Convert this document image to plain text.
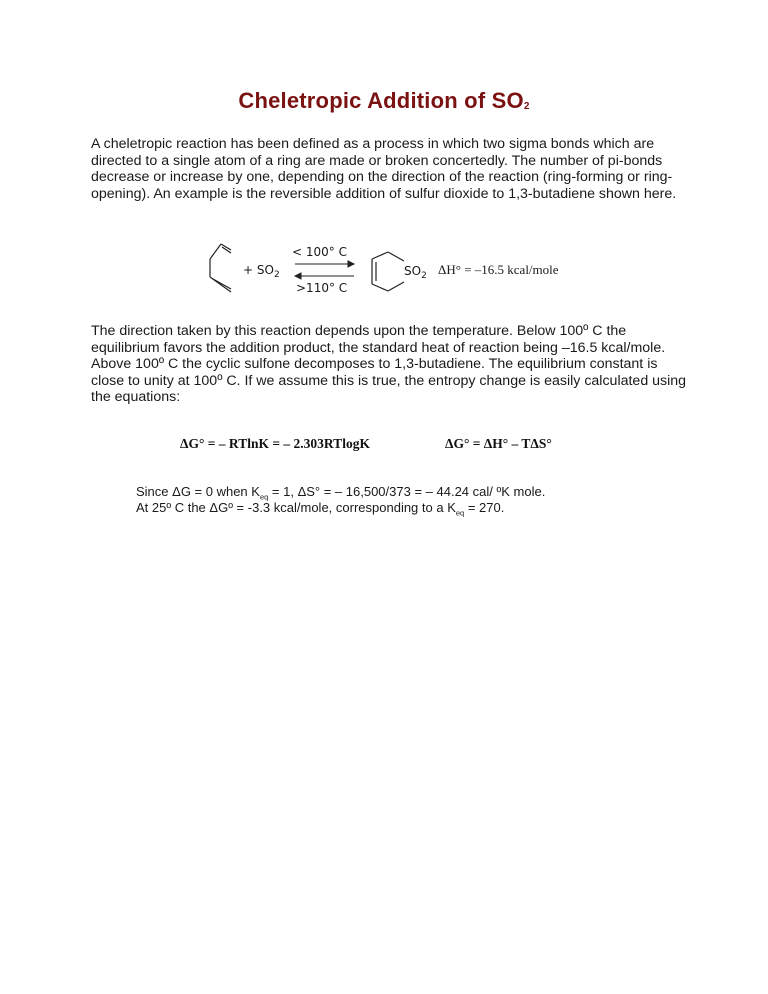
Cheletropic Addition of $SO_2$

A cheletropic reaction has been defined as a process in which two sigma bonds which are directed to a single atom of a ring are made or broken concertedly. The number of pi-bonds decrease or increase by one, depending on the direction of the reaction (ring-forming or ring-opening). An example is the reversible addition of sulfur dioxide to 1,3-butadiene shown here.

+ $SO_2$
< 100° C
>110° C
$SO_2$ ΔH° = –16.5 kcal/mole

The direction taken by this reaction depends upon the temperature. Below 100º C the equilibrium favors the addition product, the standard heat of reaction being –16.5 kcal/mole. Above 100º C the cyclic sulfone decomposes to 1,3-butadiene. The equilibrium constant is close to unity at 100º C. If we assume this is true, the entropy change is easily calculated using the equations:

ΔG° = – RTlnK = – 2.303RTlogK	ΔG° = ΔH° – TΔS°
Since ΔG = 0 when $K_{eq} = 1$, ΔS° = – 16,500/373 = – 44.24 cal/ ºK mole.
At 25º C the ΔGº = -3.3 kcal/mole, corresponding to a $K_{eq} = 270$.
